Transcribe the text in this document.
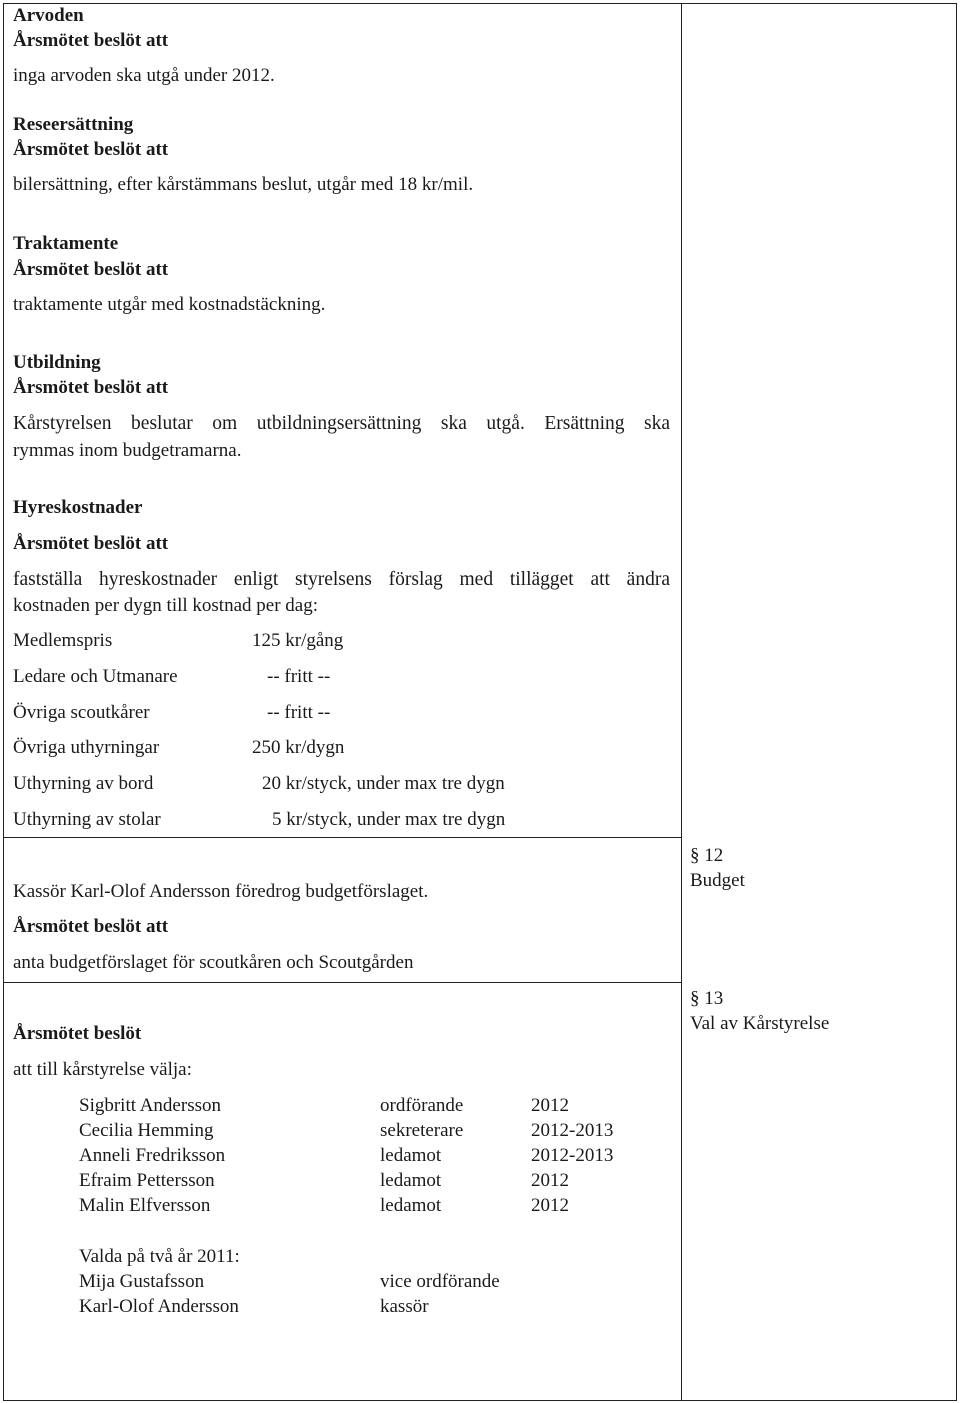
Arvoden
Årsmötet beslöt att
inga arvoden ska utgå under 2012.
Reseersättning
Årsmötet beslöt att
bilersättning, efter kårstämmans beslut, utgår med 18 kr/mil.
Traktamente
Årsmötet beslöt att
traktamente utgår med kostnadstäckning.
Utbildning
Årsmötet beslöt att
Kårstyrelsen beslutar om utbildningsersättning ska utgå. Ersättning ska
rymmas inom budgetramarna.
Hyreskostnader
Årsmötet beslöt att
fastställa hyreskostnader enligt styrelsens förslag med tillägget att ändra
kostnaden per dygn till kostnad per dag:
Medlemspris	125 kr/gång
Ledare och Utmanare	-- fritt --
Övriga scoutkårer	-- fritt --
Övriga uthyrningar	250 kr/dygn
Uthyrning av bord	20 kr/styck, under max tre dygn
Uthyrning av stolar	5 kr/styck, under max tre dygn
Kassör Karl-Olof Andersson föredrog budgetförslaget.
Årsmötet beslöt att
anta budgetförslaget för scoutkåren och Scoutgården
§ 12
Budget
Årsmötet beslöt
att till kårstyrelse välja:
§ 13
Val av Kårstyrelse
Sigbritt Andersson	ordförande	2012
Cecilia Hemming	sekreterare	2012-2013
Anneli Fredriksson	ledamot	2012-2013
Efraim Pettersson	ledamot	2012
Malin Elfversson	ledamot	2012
Valda på två år 2011:
Mija Gustafsson	vice ordförande
Karl-Olof Andersson	kassör
